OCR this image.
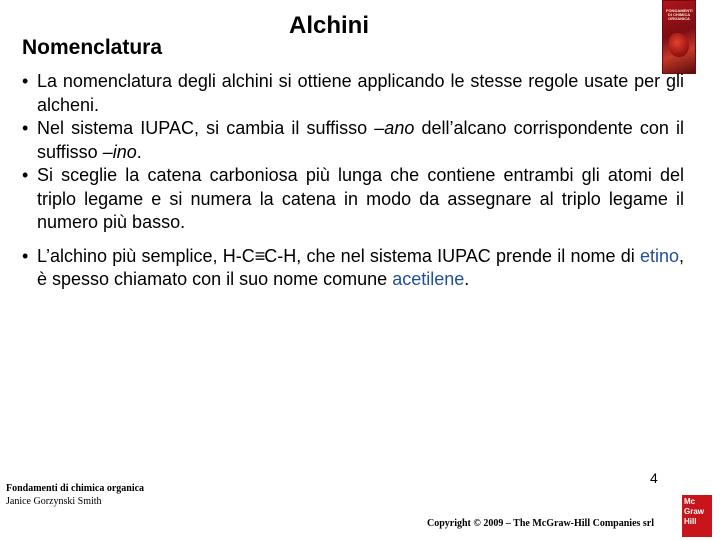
Nomenclatura
Alchini
FONDAMENTI
DI CHIMICA
ORGANICA
• La nomenclatura degli alchini si ottiene applicando le stesse regole usate per gli alcheni.
• Nel sistema IUPAC, si cambia il suffisso –ano dell’alcano corrispondente con il suffisso –ino.
• Si sceglie la catena carboniosa più lunga che contiene entrambi gli atomi del triplo legame e si numera la catena in modo da assegnare al triplo legame il numero più basso.
• L’alchino più semplice, H-C≡C-H, che nel sistema IUPAC prende il nome di etino, è spesso chiamato con il suo nome comune acetilene.
4
Fondamenti di chimica organica
Janice Gorzynski Smith
Copyright © 2009 – The McGraw-Hill Companies srl
Mc
Graw
Hill
